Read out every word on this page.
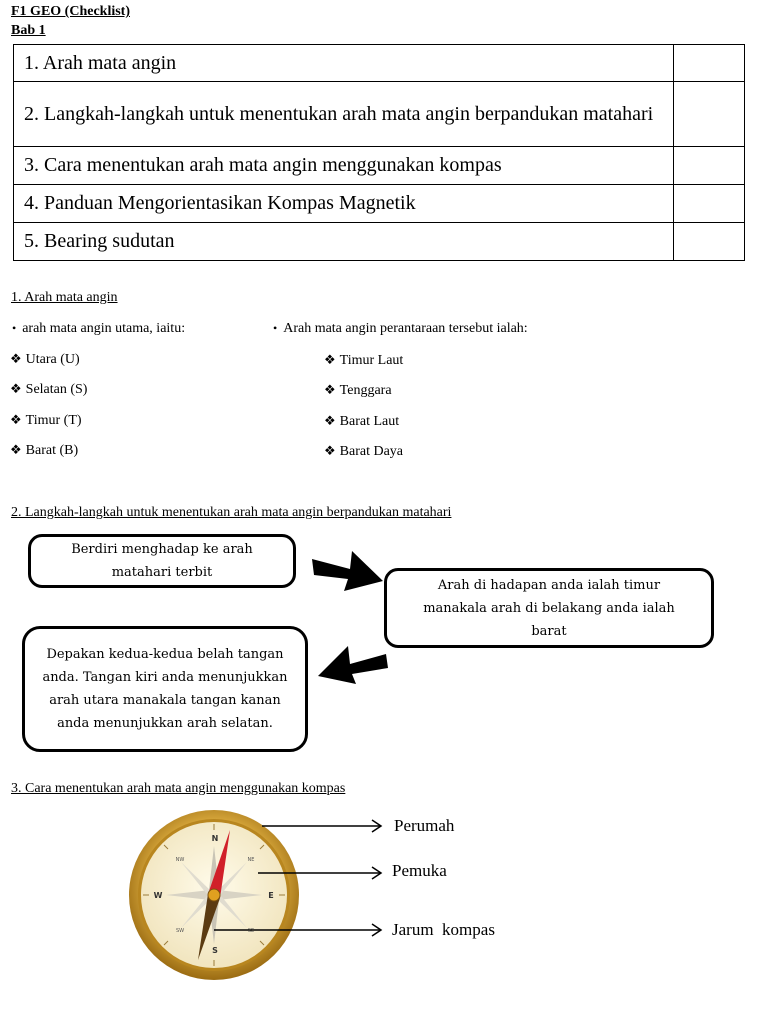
F1 GEO (Checklist)
Bab 1
1. Arah mata angin	
2. Langkah-langkah untuk menentukan arah mata angin berpandukan matahari	
3. Cara menentukan arah mata angin menggunakan kompas	
4. Panduan Mengorientasikan Kompas Magnetik	
5. Bearing sudutan	
1. Arah mata angin
• arah mata angin utama, iaitu:	• Arah mata angin perantaraan tersebut ialah:
❖ Utara (U)
❖ Selatan (S)
❖ Timur (T)
❖ Barat (B)
❖ Timur Laut
❖ Tenggara
❖ Barat Laut
❖ Barat Daya
2. Langkah-langkah untuk menentukan arah mata angin berpandukan matahari
Berdiri menghadap ke arah matahari terbit
Arah di hadapan anda ialah timur manakala arah di belakang anda ialah barat
Depakan kedua-kedua belah tangan anda. Tangan kiri anda menunjukkan arah utara manakala tangan kanan anda menunjukkan arah selatan.
3. Cara menentukan arah mata angin menggunakan kompas
N
S
E
W
NE
NW
SE
SW
Perumah
Pemuka
Jarum  kompas
